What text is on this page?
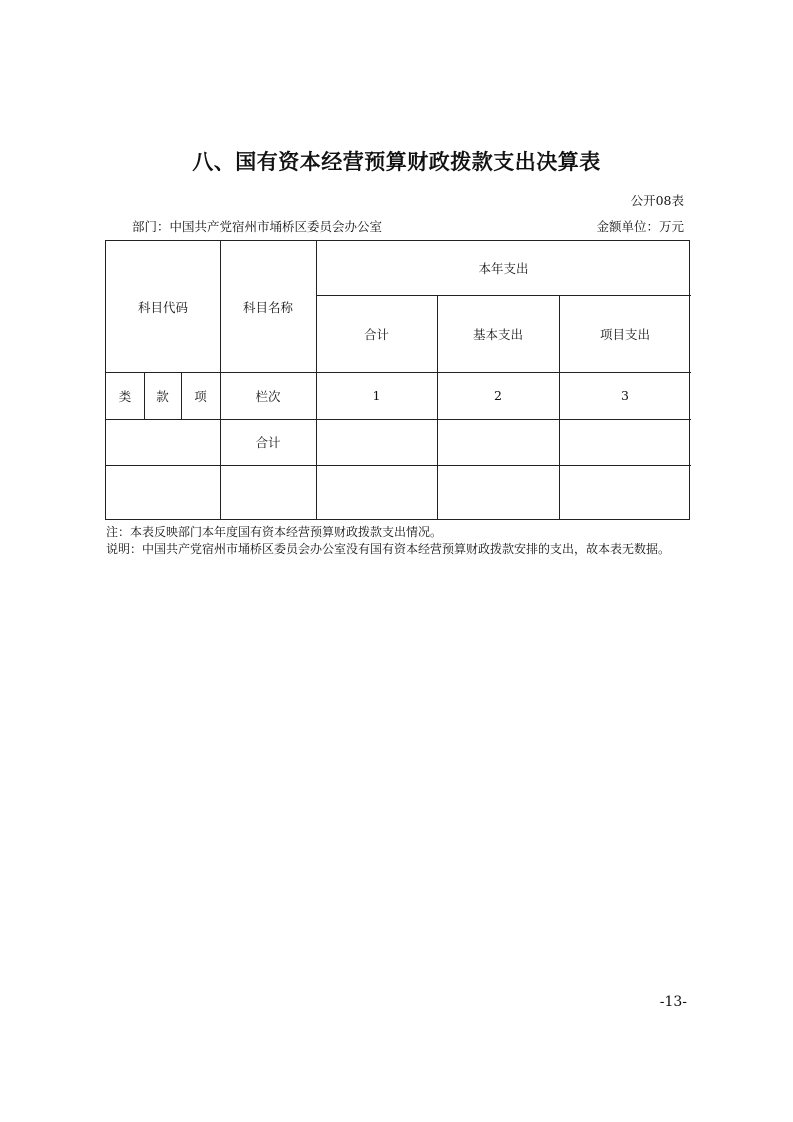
八、国有资本经营预算财政拨款支出决算表
公开08表
部门：中国共产党宿州市埇桥区委员会办公室	金额单位：万元
科目代码	科目名称
本年支出
合计	基本支出	项目支出
类	款	项	栏次	1	2	3
合计
注：本表反映部门本年度国有资本经营预算财政拨款支出情况。
说明：中国共产党宿州市埇桥区委员会办公室没有国有资本经营预算财政拨款安排的支出，故本表无数据。
-13-
